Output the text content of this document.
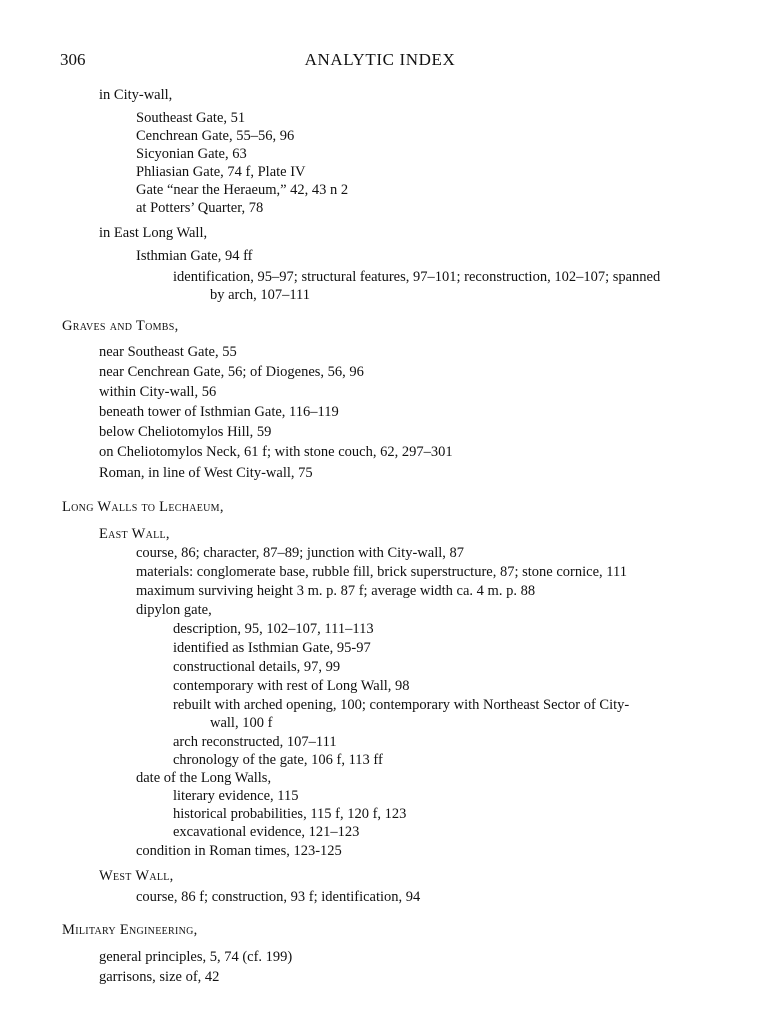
306	ANALYTIC INDEX
in City-wall,
Southeast Gate, 51
Cenchrean Gate, 55–56, 96
Sicyonian Gate, 63
Phliasian Gate, 74 f, Plate IV
Gate “near the Heraeum,” 42, 43 n 2
at Potters’ Quarter, 78
in East Long Wall,
Isthmian Gate, 94 ff
identification, 95–97; structural features, 97–101; reconstruction, 102–107; spanned
by arch, 107–111
Graves and Tombs,
near Southeast Gate, 55
near Cenchrean Gate, 56; of Diogenes, 56, 96
within City-wall, 56
beneath tower of Isthmian Gate, 116–119
below Cheliotomylos Hill, 59
on Cheliotomylos Neck, 61 f; with stone couch, 62, 297–301
Roman, in line of West City-wall, 75
Long Walls to Lechaeum,
East Wall,
course, 86; character, 87–89; junction with City-wall, 87
materials: conglomerate base, rubble fill, brick superstructure, 87; stone cornice, 111
maximum surviving height 3 m. p. 87 f; average width ca. 4 m. p. 88
dipylon gate,
description, 95, 102–107, 111–113
identified as Isthmian Gate, 95-97
constructional details, 97, 99
contemporary with rest of Long Wall, 98
rebuilt with arched opening, 100; contemporary with Northeast Sector of City-
wall, 100 f
arch reconstructed, 107–111
chronology of the gate, 106 f, 113 ff
date of the Long Walls,
literary evidence, 115
historical probabilities, 115 f, 120 f, 123
excavational evidence, 121–123
condition in Roman times, 123-125
West Wall,
course, 86 f; construction, 93 f; identification, 94
Military Engineering,
general principles, 5, 74 (cf. 199)
garrisons, size of, 42
